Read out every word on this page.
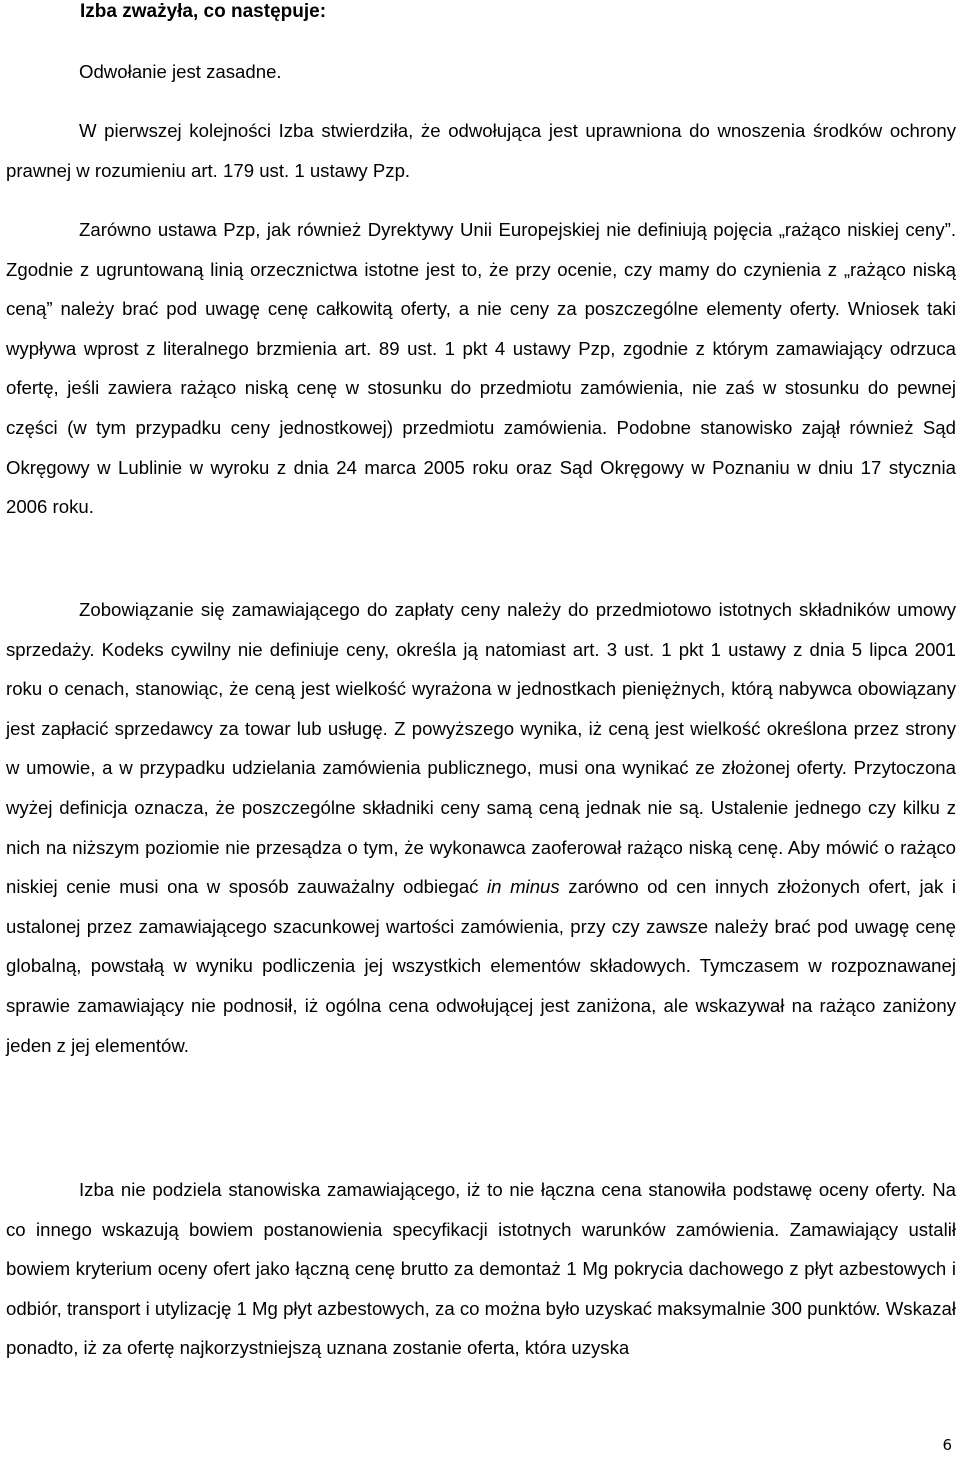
Izba zważyła, co następuje:

Odwołanie jest zasadne.

W pierwszej kolejności Izba stwierdziła, że odwołująca jest uprawniona do wnoszenia środków ochrony prawnej w rozumieniu art. 179 ust. 1 ustawy Pzp.

Zarówno ustawa Pzp, jak również Dyrektywy Unii Europejskiej nie definiują pojęcia „rażąco niskiej ceny”. Zgodnie z ugruntowaną linią orzecznictwa istotne jest to, że przy ocenie, czy mamy do czynienia z „rażąco niską ceną” należy brać pod uwagę cenę całkowitą oferty, a nie ceny za poszczególne elementy oferty. Wniosek taki wypływa wprost z literalnego brzmienia art. 89 ust. 1 pkt 4 ustawy Pzp, zgodnie z którym zamawiający odrzuca ofertę, jeśli zawiera rażąco niską cenę w stosunku do przedmiotu zamówienia, nie zaś w stosunku do pewnej części (w tym przypadku ceny jednostkowej) przedmiotu zamówienia. Podobne stanowisko zajął również Sąd Okręgowy w Lublinie w wyroku z dnia 24 marca 2005 roku oraz Sąd Okręgowy w Poznaniu w dniu 17 stycznia 2006 roku.

Zobowiązanie się zamawiającego do zapłaty ceny należy do przedmiotowo istotnych składników umowy sprzedaży. Kodeks cywilny nie definiuje ceny, określa ją natomiast art. 3 ust. 1 pkt 1 ustawy z dnia 5 lipca 2001 roku o cenach, stanowiąc, że ceną jest wielkość wyrażona w jednostkach pieniężnych, którą nabywca obowiązany jest zapłacić sprzedawcy za towar lub usługę. Z powyższego wynika, iż ceną jest wielkość określona przez strony w umowie, a w przypadku udzielania zamówienia publicznego, musi ona wynikać ze złożonej oferty. Przytoczona wyżej definicja oznacza, że poszczególne składniki ceny samą ceną jednak nie są. Ustalenie jednego czy kilku z nich na niższym poziomie nie przesądza o tym, że wykonawca zaoferował rażąco niską cenę. Aby mówić o rażąco niskiej cenie musi ona w sposób zauważalny odbiegać in minus zarówno od cen innych złożonych ofert, jak i ustalonej przez zamawiającego szacunkowej wartości zamówienia, przy czy zawsze należy brać pod uwagę cenę globalną, powstałą w wyniku podliczenia jej wszystkich elementów składowych. Tymczasem w rozpoznawanej sprawie zamawiający nie podnosił, iż ogólna cena odwołującej jest zaniżona, ale wskazywał na rażąco zaniżony jeden z jej elementów.

Izba nie podziela stanowiska zamawiającego, iż to nie łączna cena stanowiła podstawę oceny oferty. Na co innego wskazują bowiem postanowienia specyfikacji istotnych warunków zamówienia. Zamawiający ustalił bowiem kryterium oceny ofert jako łączną cenę brutto za demontaż 1 Mg pokrycia dachowego z płyt azbestowych i odbiór, transport i utylizację 1 Mg płyt azbestowych, za co można było uzyskać maksymalnie 300 punktów. Wskazał ponadto, iż za ofertę najkorzystniejszą uznana zostanie oferta, która uzyska

6
